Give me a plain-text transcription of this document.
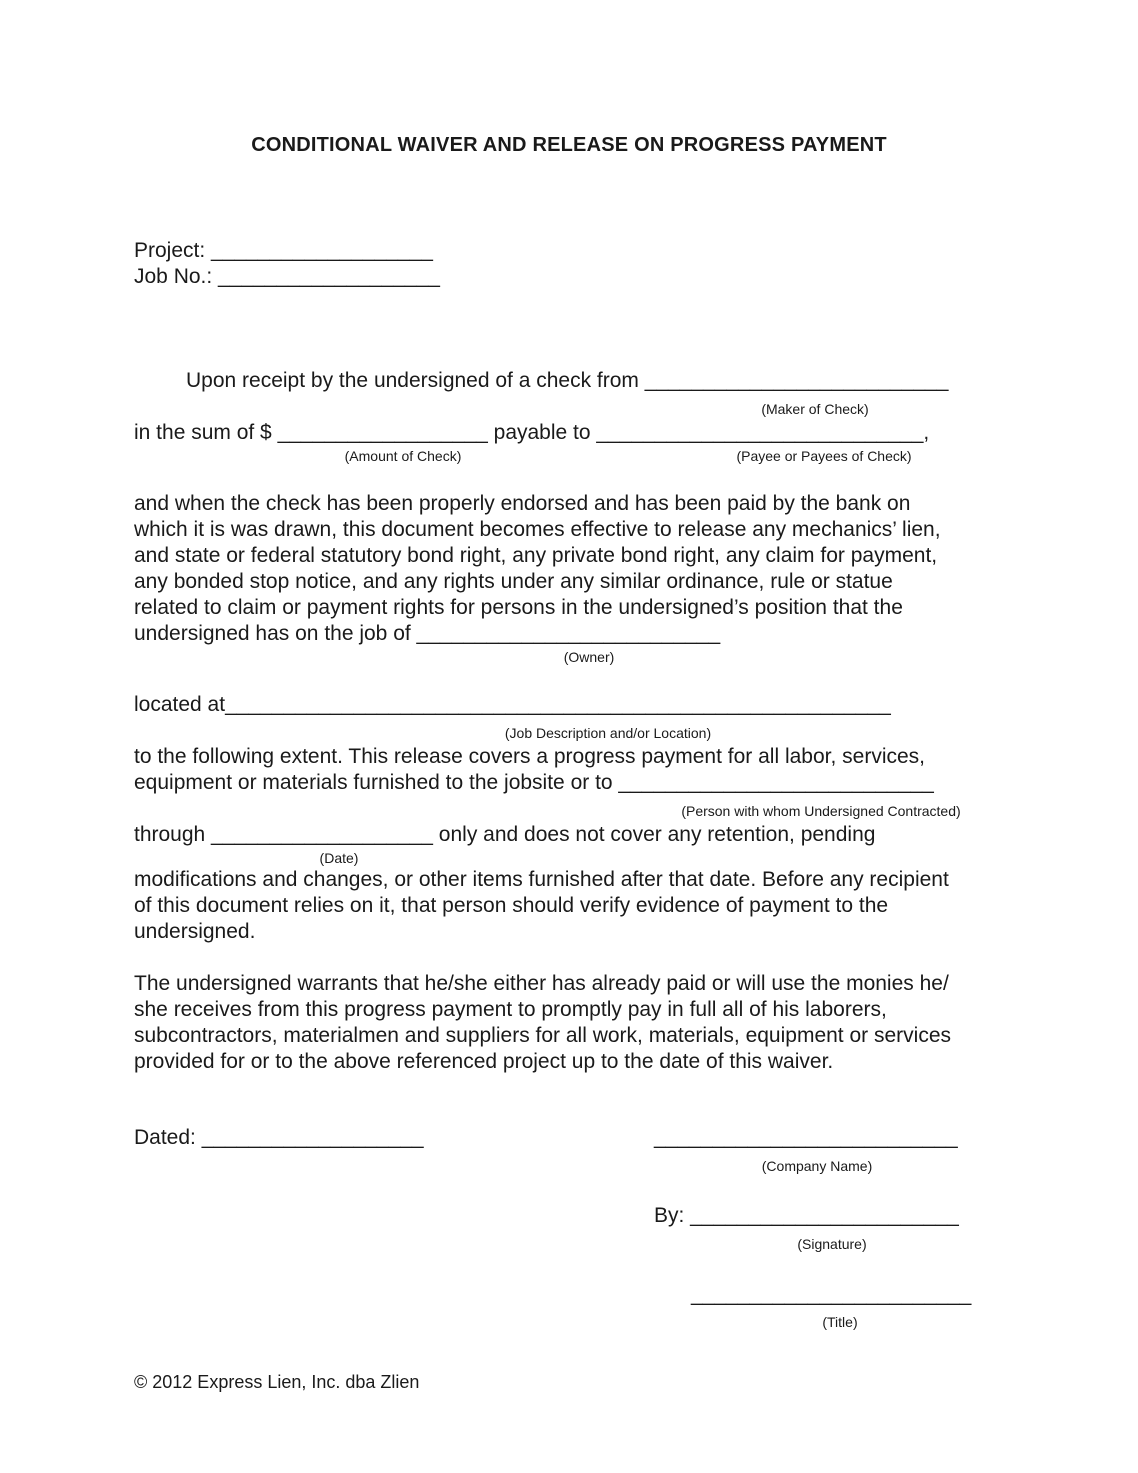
CONDITIONAL WAIVER AND RELEASE ON PROGRESS PAYMENT
Project: ___________________
Job No.: ___________________
Upon receipt by the undersigned of a check from __________________________
(Maker of Check)
in the sum of $ __________________ payable to ____________________________,
(Amount of Check)	(Payee or Payees of Check)
and when the check has been properly endorsed and has been paid by the bank on
which it is was drawn, this document becomes effective to release any mechanics’ lien,
and state or federal statutory bond right, any private bond right, any claim for payment,
any bonded stop notice, and any rights under any similar ordinance, rule or statue
related to claim or payment rights for persons in the undersigned’s position that the
undersigned has on the job of __________________________
(Owner)
located at_________________________________________________________
(Job Description and/or Location)
to the following extent. This release covers a progress payment for all labor, services,
equipment or materials furnished to the jobsite or to ___________________________
(Person with whom Undersigned Contracted)
through ___________________ only and does not cover any retention, pending
(Date)
modifications and changes, or other items furnished after that date. Before any recipient
of this document relies on it, that person should verify evidence of payment to the
undersigned.
The undersigned warrants that he/she either has already paid or will use the monies he/
she receives from this progress payment to promptly pay in full all of his laborers,
subcontractors, materialmen and suppliers for all work, materials, equipment or services
provided for or to the above referenced project up to the date of this waiver.
Dated: ___________________	__________________________
(Company Name)
By: _______________________
(Signature)
________________________
(Title)
© 2012 Express Lien, Inc. dba Zlien
